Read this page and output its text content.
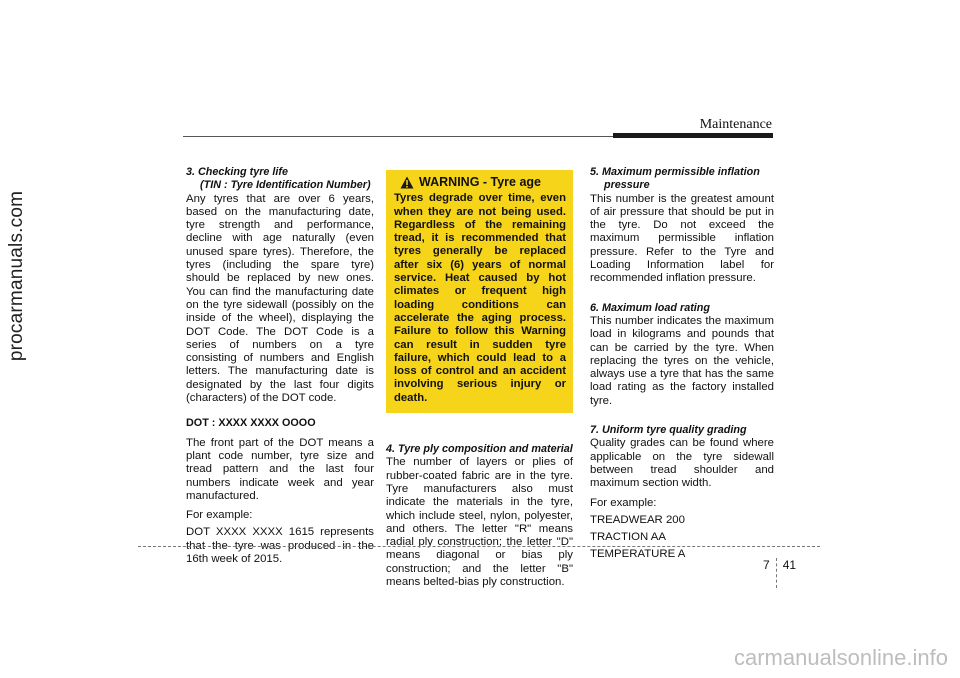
procarmanuals.com
Maintenance
3. Checking tyre life
(TIN : Tyre Identification Number)

Any tyres that are over 6 years, based on the manufacturing date, tyre strength and performance, decline with age naturally (even unused spare tyres). Therefore, the tyres (including the spare tyre) should be replaced by new ones. You can find the manufacturing date on the tyre sidewall (possibly on the inside of the wheel), displaying the DOT Code. The DOT Code is a series of numbers on a tyre consisting of numbers and English letters. The manufacturing date is designated by the last four digits (characters) of the DOT code.

DOT : XXXX XXXX OOOO

The front part of the DOT means a plant code number, tyre size and tread pattern and the last four numbers indicate week and year manufactured.

For example:

DOT XXXX XXXX 1615 represents that the tyre was produced in the 16th week of 2015.

WARNING - Tyre age

Tyres degrade over time, even when they are not being used. Regardless of the remaining tread, it is recommended that tyres generally be replaced after six (6) years of normal service. Heat caused by hot climates or frequent high loading conditions can accelerate the aging process. Failure to follow this Warning can result in sudden tyre failure, which could lead to a loss of control and an accident involving serious injury or death.

4. Tyre ply composition and material

The number of layers or plies of rubber-coated fabric are in the tyre. Tyre manufacturers also must indicate the materials in the tyre, which include steel, nylon, polyester, and others. The letter "R" means radial ply construction; the letter "D" means diagonal or bias ply construction; and the letter "B" means belted-bias ply construction.

5. Maximum permissible inflation
pressure

This number is the greatest amount of air pressure that should be put in the tyre. Do not exceed the maximum permissible inflation pressure. Refer to the Tyre and Loading Information label for recommended inflation pressure.

6. Maximum load rating

This number indicates the maximum load in kilograms and pounds that can be carried by the tyre. When replacing the tyres on the vehicle, always use a tyre that has the same load rating as the factory installed tyre.

7. Uniform tyre quality grading

Quality grades can be found where applicable on the tyre sidewall between tread shoulder and maximum section width.

For example:
TREADWEAR 200
TRACTION AA
TEMPERATURE A
7 41
carmanualsonline.info
